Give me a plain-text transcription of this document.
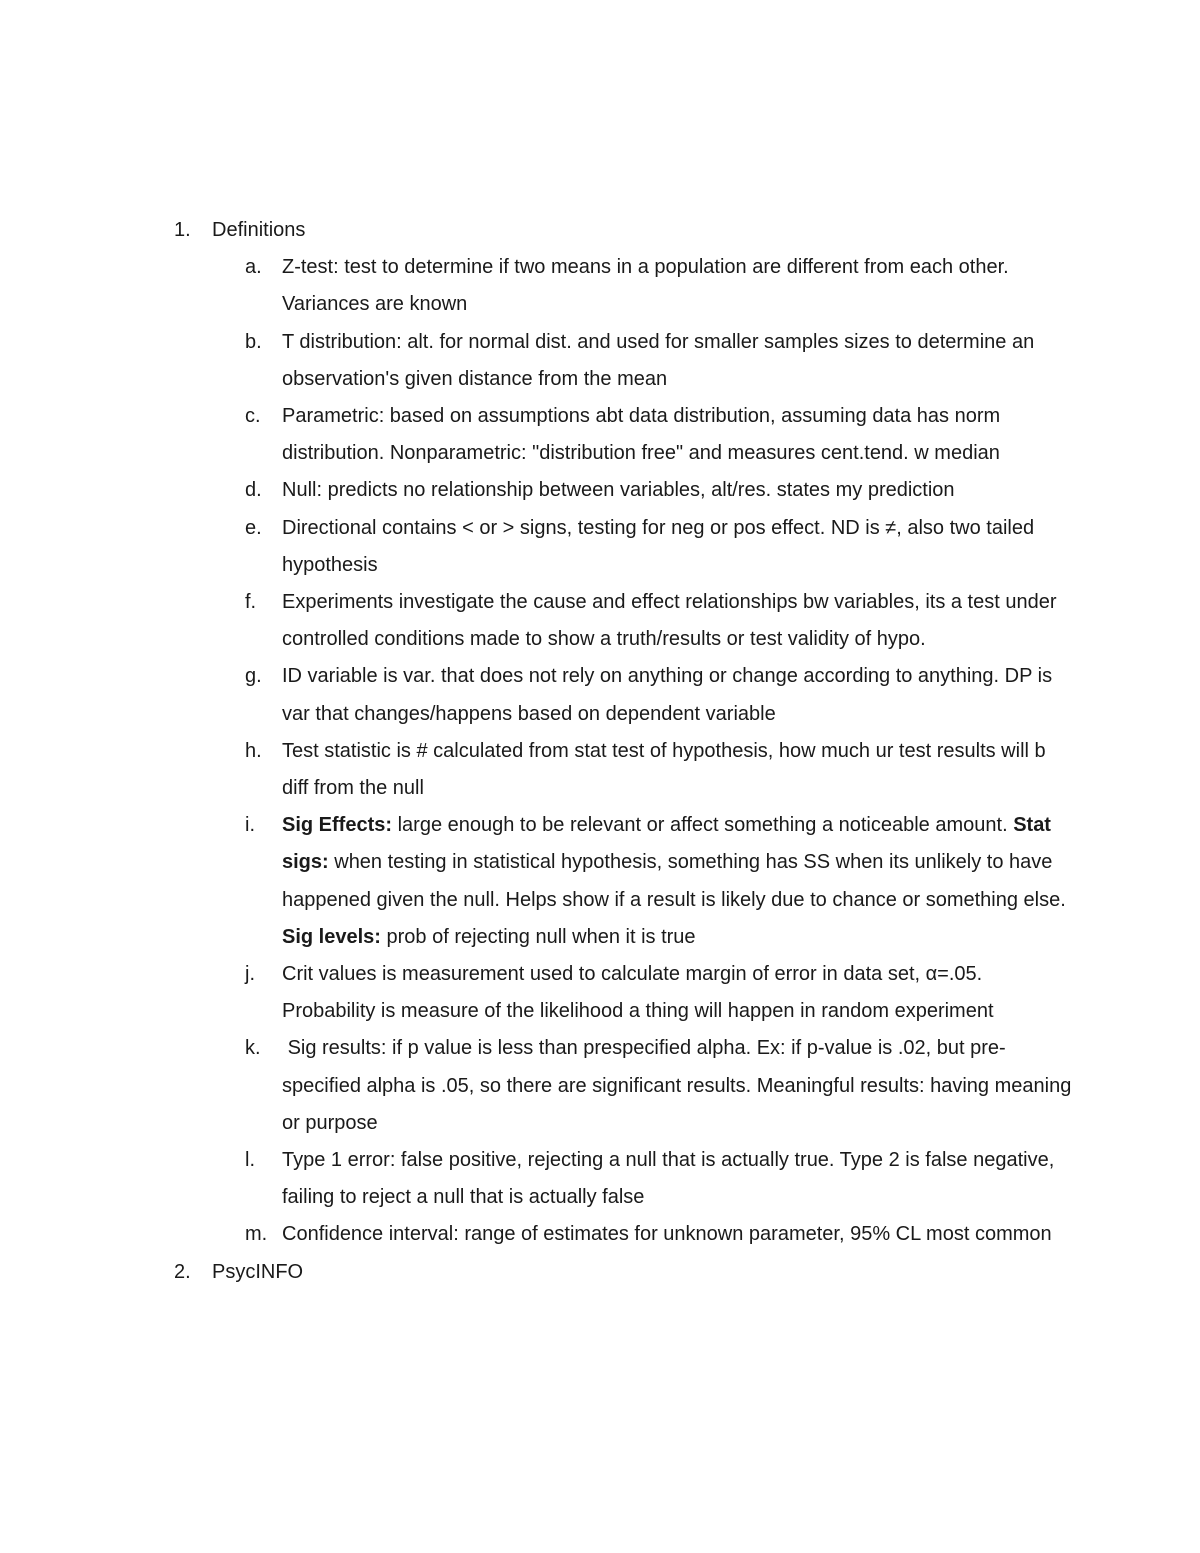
1.	Definitions
a.	Z-test: test to determine if two means in a population are different from each other. Variances are known
b.	T distribution: alt. for normal dist. and used for smaller samples sizes to determine an observation's given distance from the mean
c.	Parametric: based on assumptions abt data distribution, assuming data has norm distribution. Nonparametric: "distribution free" and measures cent.tend. w median
d.	Null: predicts no relationship between variables, alt/res. states my prediction
e.	Directional contains < or > signs, testing for neg or pos effect. ND is ≠, also two tailed hypothesis
f.	Experiments investigate the cause and effect relationships bw variables, its a test under controlled conditions made to show a truth/results or test validity of hypo.
g.	ID variable is var. that does not rely on anything or change according to anything. DP is var that changes/happens based on dependent variable
h.	Test statistic is # calculated from stat test of hypothesis, how much ur test results will b diff from the null
i.	Sig Effects: large enough to be relevant or affect something a noticeable amount. Stat sigs: when testing in statistical hypothesis, something has SS when its unlikely to have happened given the null. Helps show if a result is likely due to chance or something else. Sig levels: prob of rejecting null when it is true
j.	Crit values is measurement used to calculate margin of error in data set, α=.05. Probability is measure of the likelihood a thing will happen in random experiment
k.	Sig results: if p value is less than prespecified alpha. Ex: if p-value is .02, but pre-specified alpha is .05, so there are significant results. Meaningful results: having meaning or purpose
l.	Type 1 error: false positive, rejecting a null that is actually true. Type 2 is false negative, failing to reject a null that is actually false
m. Confidence interval: range of estimates for unknown parameter, 95% CL most common
2.	PsycINFO
